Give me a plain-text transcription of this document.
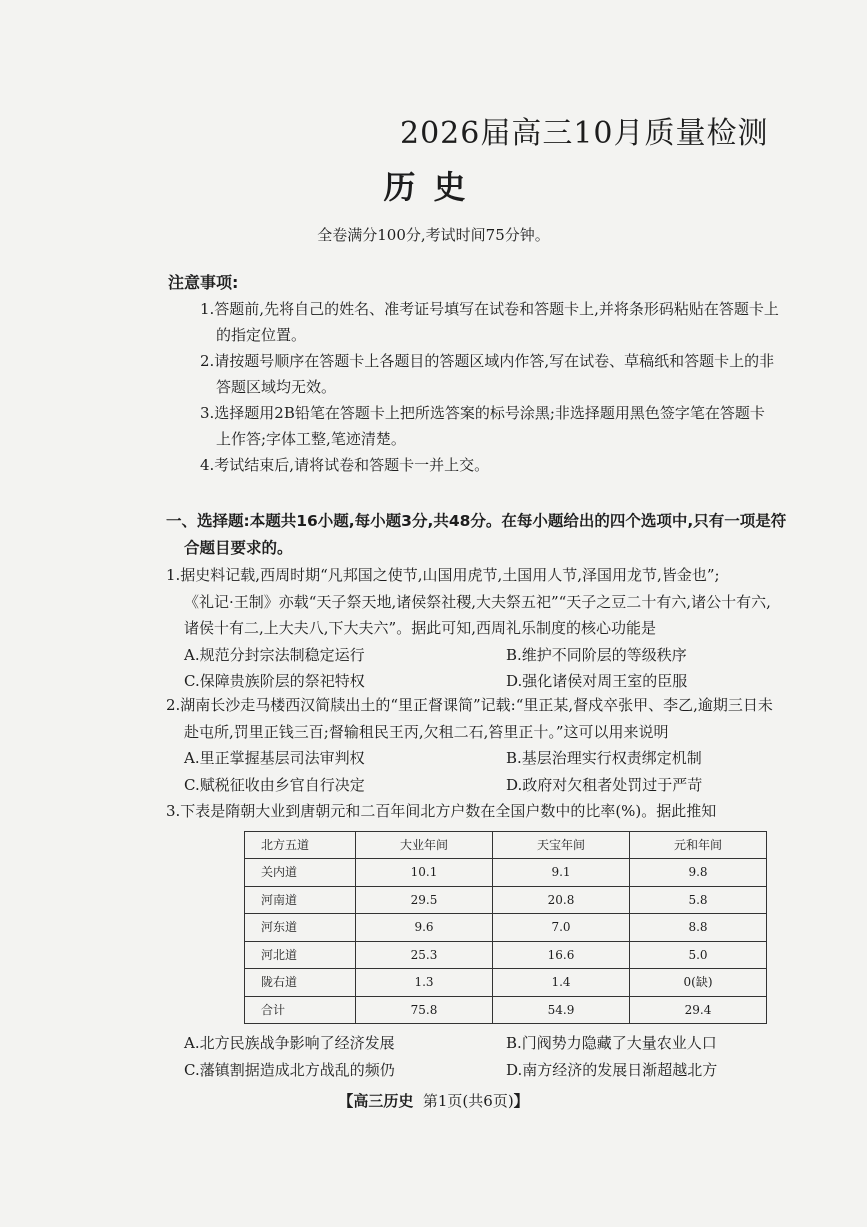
2026届高三10月质量检测
历史
全卷满分100分,考试时间75分钟。
注意事项:
1.答题前,先将自己的姓名、准考证号填写在试卷和答题卡上,并将条形码粘贴在答题卡上
的指定位置。
2.请按题号顺序在答题卡上各题目的答题区域内作答,写在试卷、草稿纸和答题卡上的非
答题区域均无效。
3.选择题用2B铅笔在答题卡上把所选答案的标号涂黑;非选择题用黑色签字笔在答题卡
上作答;字体工整,笔迹清楚。
4.考试结束后,请将试卷和答题卡一并上交。
一、选择题:本题共16小题,每小题3分,共48分。在每小题给出的四个选项中,只有一项是符
合题目要求的。
1.据史料记载,西周时期“凡邦国之使节,山国用虎节,土国用人节,泽国用龙节,皆金也”;
《礼记·王制》亦载“天子祭天地,诸侯祭社稷,大夫祭五祀”“天子之豆二十有六,诸公十有六,
诸侯十有二,上大夫八,下大夫六”。据此可知,西周礼乐制度的核心功能是
A.规范分封宗法制稳定运行	B.维护不同阶层的等级秩序
C.保障贵族阶层的祭祀特权	D.强化诸侯对周王室的臣服
2.湖南长沙走马楼西汉简牍出土的“里正督课简”记载:“里正某,督戍卒张甲、李乙,逾期三日未
赴屯所,罚里正钱三百;督输租民王丙,欠租二石,笞里正十。”这可以用来说明
A.里正掌握基层司法审判权	B.基层治理实行权责绑定机制
C.赋税征收由乡官自行决定	D.政府对欠租者处罚过于严苛
3.下表是隋朝大业到唐朝元和二百年间北方户数在全国户数中的比率(%)。据此推知
北方五道	大业年间	天宝年间	元和年间
关内道	10.1	9.1	9.8
河南道	29.5	20.8	5.8
河东道	9.6	7.0	8.8
河北道	25.3	16.6	5.0
陇右道	1.3	1.4	0(缺)
合计	75.8	54.9	29.4
A.北方民族战争影响了经济发展	B.门阀势力隐藏了大量农业人口
C.藩镇割据造成北方战乱的频仍	D.南方经济的发展日渐超越北方
【高三历史 第1页(共6页)】
